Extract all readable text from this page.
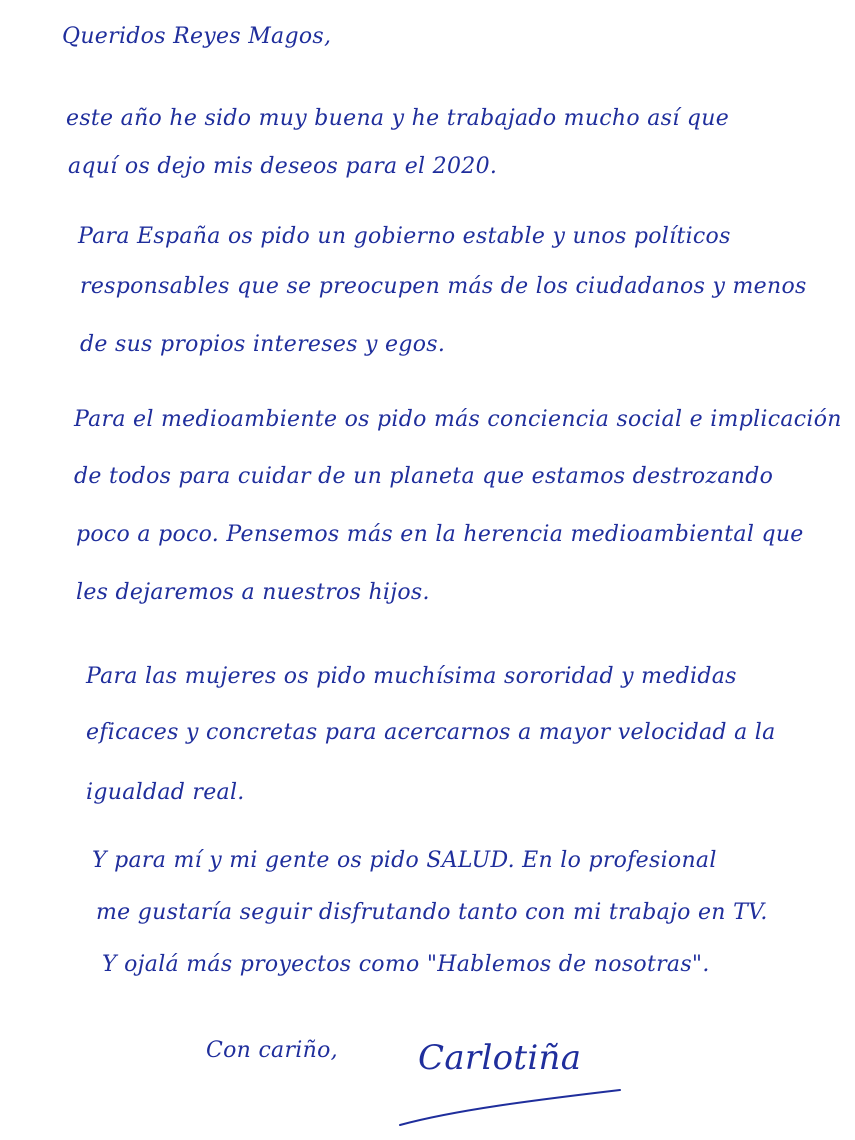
Queridos Reyes Magos,
este año he sido muy buena y he trabajado mucho así que
aquí os dejo mis deseos para el 2020.
Para España os pido un gobierno estable y unos políticos
responsables que se preocupen más de los ciudadanos y menos
de sus propios intereses y egos.
Para el medioambiente os pido más conciencia social e implicación
de todos para cuidar de un planeta que estamos destrozando
poco a poco. Pensemos más en la herencia medioambiental que
les dejaremos a nuestros hijos.
Para las mujeres os pido muchísima sororidad y medidas
eficaces y concretas para acercarnos a mayor velocidad a la
igualdad real.
Y para mí y mi gente os pido SALUD. En lo profesional
me gustaría seguir disfrutando tanto con mi trabajo en TV.
Y ojalá más proyectos como "Hablemos de nosotras".
Con cariño, Carlotiña
